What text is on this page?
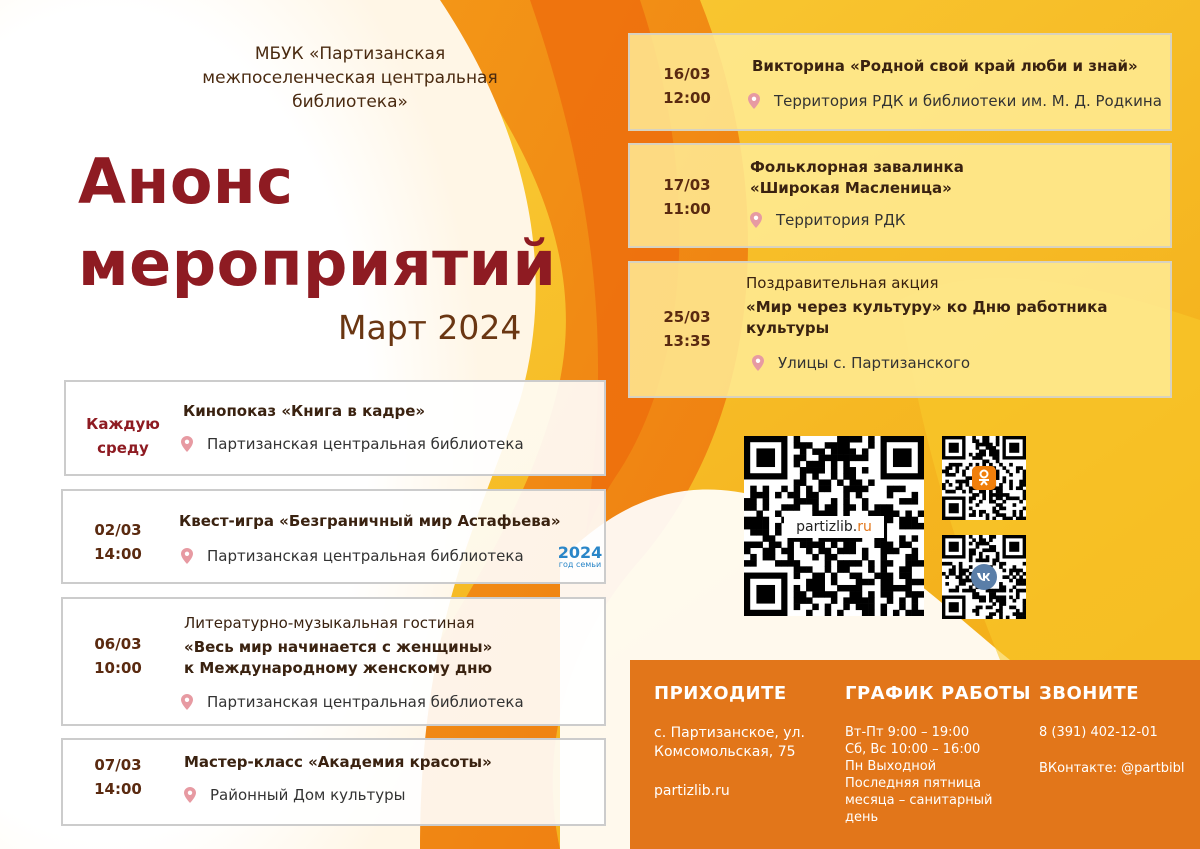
МБУК «Партизанская межпоселенческая центральная библиотека»
Анонс
мероприятий
Март 2024
Каждую среду
Кинопоказ «Книга в кадре»
Партизанская центральная библиотека
02/03
14:00
Квест-игра «Безграничный мир Астафьева»
Партизанская центральная библиотека 2024
год семьи
06/03
10:00
Литературно-музыкальная гостиная
«Весь мир начинается с женщины»
к Международному женскому дню
Партизанская центральная библиотека
07/03
14:00
Мастер-класс «Академия красоты»
Районный Дом культуры
16/03
12:00
Викторина «Родной свой край люби и знай»
Территория РДК и библиотеки им. М. Д. Родкина
17/03
11:00
Фольклорная завалинка
«Широкая Масленица»
Территория РДК
25/03
13:35
Поздравительная акция
«Мир через культуру» ко Дню работника
культуры
Улицы с. Партизанского
partizlib.ru
ПРИХОДИТЕ
с. Партизанское, ул.
Комсомольская, 75
partizlib.ru
ГРАФИК РАБОТЫ
Вт-Пт 9:00 – 19:00
Сб, Вс 10:00 – 16:00
Пн Выходной
Последняя пятница
месяца – санитарный
день
ЗВОНИТЕ
8 (391) 402-12-01
ВКонтакте: @partbibl
